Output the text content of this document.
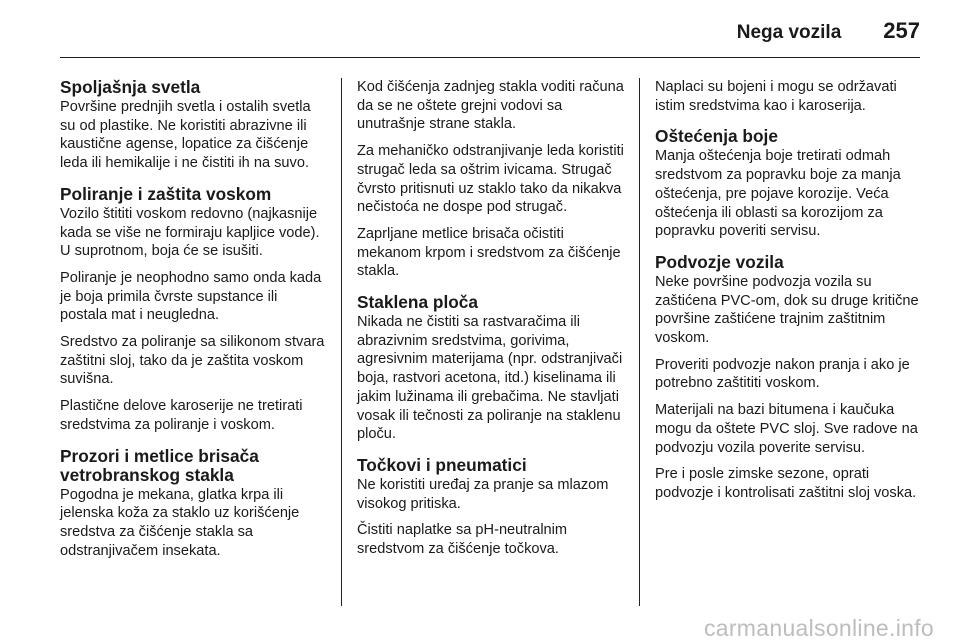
Nega vozila 257
Spoljašnja svetla

Površine prednjih svetla i ostalih svetla su od plastike. Ne koristiti abrazivne ili kaustične agense, lopatice za čišćenje leda ili hemikalije i ne čistiti ih na suvo.

Poliranje i zaštita voskom

Vozilo štititi voskom redovno (najkasnije kada se više ne formiraju kapljice vode). U suprotnom, boja će se isušiti.

Poliranje je neophodno samo onda kada je boja primila čvrste supstance ili postala mat i neugledna.

Sredstvo za poliranje sa silikonom stvara zaštitni sloj, tako da je zaštita voskom suvišna.

Plastične delove karoserije ne tretirati sredstvima za poliranje i voskom.

Prozori i metlice brisača vetrobranskog stakla

Pogodna je mekana, glatka krpa ili jelenska koža za staklo uz korišćenje sredstva za čišćenje stakla sa odstranjivačem insekata.

Kod čišćenja zadnjeg stakla voditi računa da se ne oštete grejni vodovi sa unutrašnje strane stakla.

Za mehaničko odstranjivanje leda koristiti strugač leda sa oštrim ivicama. Strugač čvrsto pritisnuti uz staklo tako da nikakva nečistoća ne dospe pod strugač.

Zaprljane metlice brisača očistiti mekanom krpom i sredstvom za čišćenje stakla.

Staklena ploča

Nikada ne čistiti sa rastvaračima ili abrazivnim sredstvima, gorivima, agresivnim materijama (npr. odstranjivači boja, rastvori acetona, itd.) kiselinama ili jakim lužinama ili grebačima. Ne stavljati vosak ili tečnosti za poliranje na staklenu ploču.

Točkovi i pneumatici

Ne koristiti uređaj za pranje sa mlazom visokog pritiska.

Čistiti naplatke sa pH-neutralnim sredstvom za čišćenje točkova.

Naplaci su bojeni i mogu se održavati istim sredstvima kao i karoserija.

Oštećenja boje

Manja oštećenja boje tretirati odmah sredstvom za popravku boje za manja oštećenja, pre pojave korozije. Veća oštećenja ili oblasti sa korozijom za popravku poveriti servisu.

Podvozje vozila

Neke površine podvozja vozila su zaštićena PVC-om, dok su druge kritične površine zaštićene trajnim zaštitnim voskom.

Proveriti podvozje nakon pranja i ako je potrebno zaštititi voskom.

Materijali na bazi bitumena i kaučuka mogu da oštete PVC sloj. Sve radove na podvozju vozila poverite servisu.

Pre i posle zimske sezone, oprati podvozje i kontrolisati zaštitni sloj voska.

carmanualsonline.info
